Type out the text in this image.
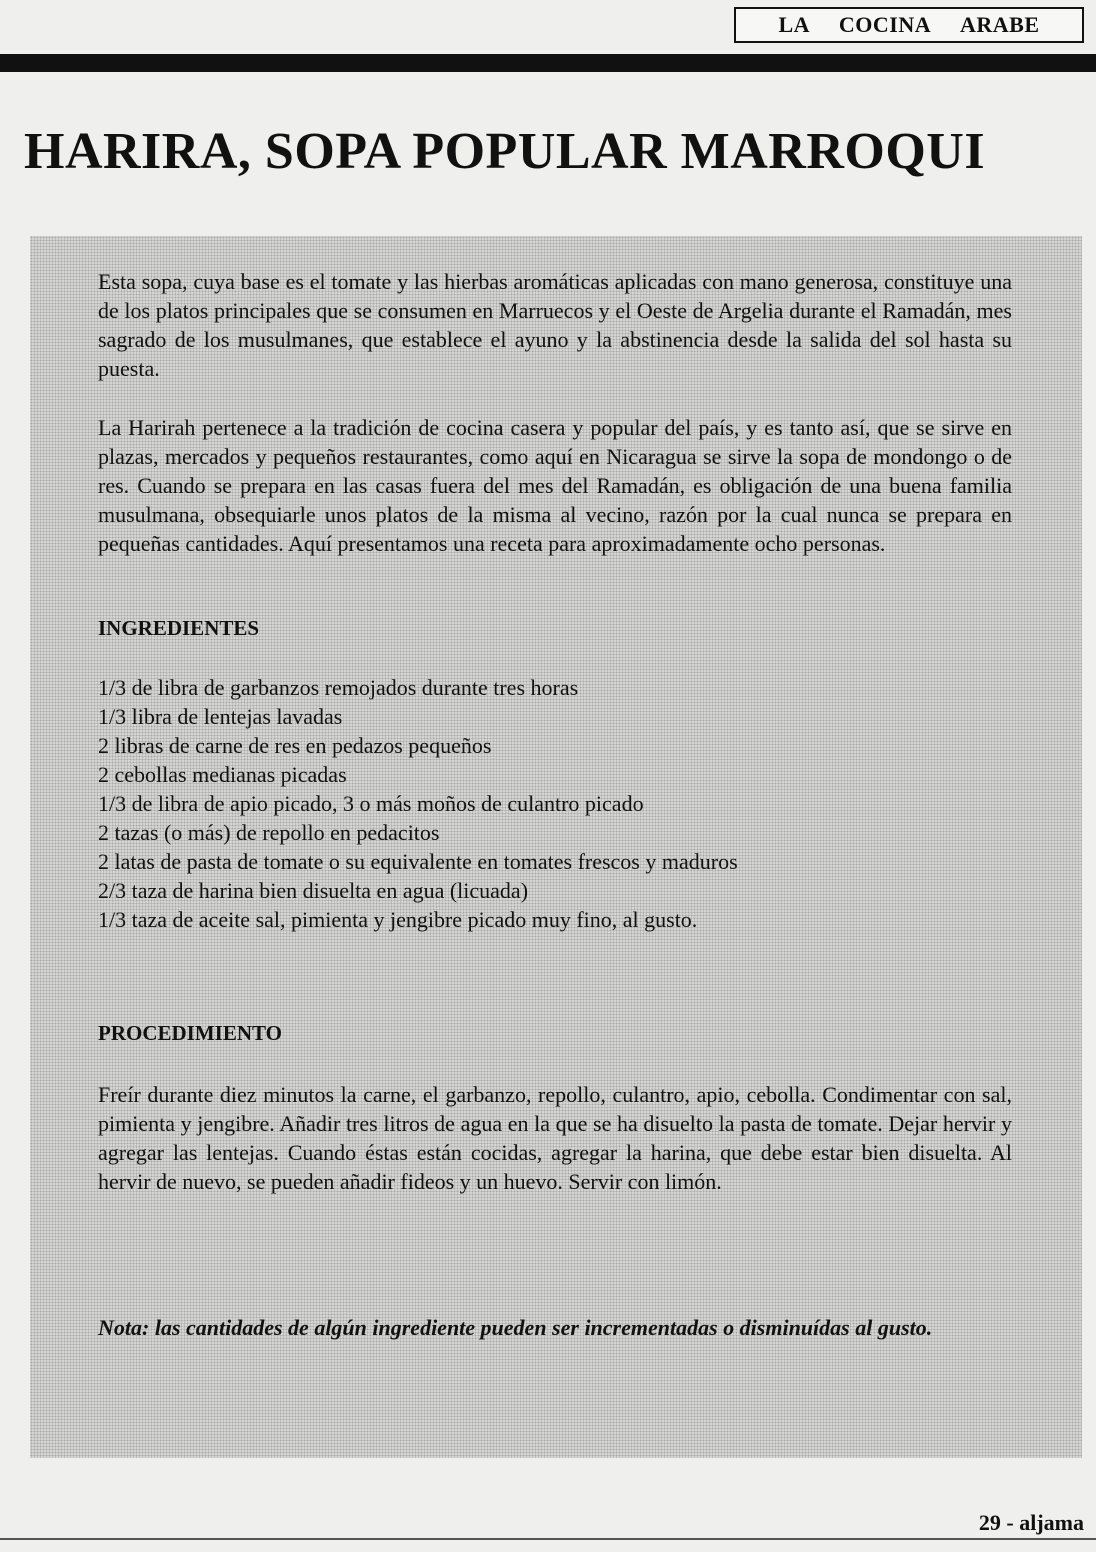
LA COCINA ARABE
HARIRA, SOPA POPULAR MARROQUI

Esta sopa, cuya base es el tomate y las hierbas aromáticas aplicadas con mano generosa, constituye una de los platos principales que se consumen en Marruecos y el Oeste de Argelia durante el Ramadán, mes sagrado de los musulmanes, que establece el ayuno y la abstinencia desde la salida del sol hasta su puesta.

La Harirah pertenece a la tradición de cocina casera y popular del país, y es tanto así, que se sirve en plazas, mercados y pequeños restaurantes, como aquí en Nicaragua se sirve la sopa de mondongo o de res. Cuando se prepara en las casas fuera del mes del Ramadán, es obligación de una buena familia musulmana, obsequiarle unos platos de la misma al vecino, razón por la cual nunca se prepara en pequeñas cantidades. Aquí presentamos una receta para aproximadamente ocho personas.

INGREDIENTES

1/3 de libra de garbanzos remojados durante tres horas
1/3 libra de lentejas lavadas
2 libras de carne de res en pedazos pequeños
2 cebollas medianas picadas
1/3 de libra de apio picado, 3 o más moños de culantro picado
2 tazas (o más) de repollo en pedacitos
2 latas de pasta de tomate o su equivalente en tomates frescos y maduros
2/3 taza de harina bien disuelta en agua (licuada)
1/3 taza de aceite sal, pimienta y jengibre picado muy fino, al gusto.

PROCEDIMIENTO

Freír durante diez minutos la carne, el garbanzo, repollo, culantro, apio, cebolla. Condimentar con sal, pimienta y jengibre. Añadir tres litros de agua en la que se ha disuelto la pasta de tomate. Dejar hervir y agregar las lentejas. Cuando éstas están cocidas, agregar la harina, que debe estar bien disuelta. Al hervir de nuevo, se pueden añadir fideos y un huevo. Servir con limón.

Nota: las cantidades de algún ingrediente pueden ser incrementadas o disminuídas al gusto.

29 - aljama
